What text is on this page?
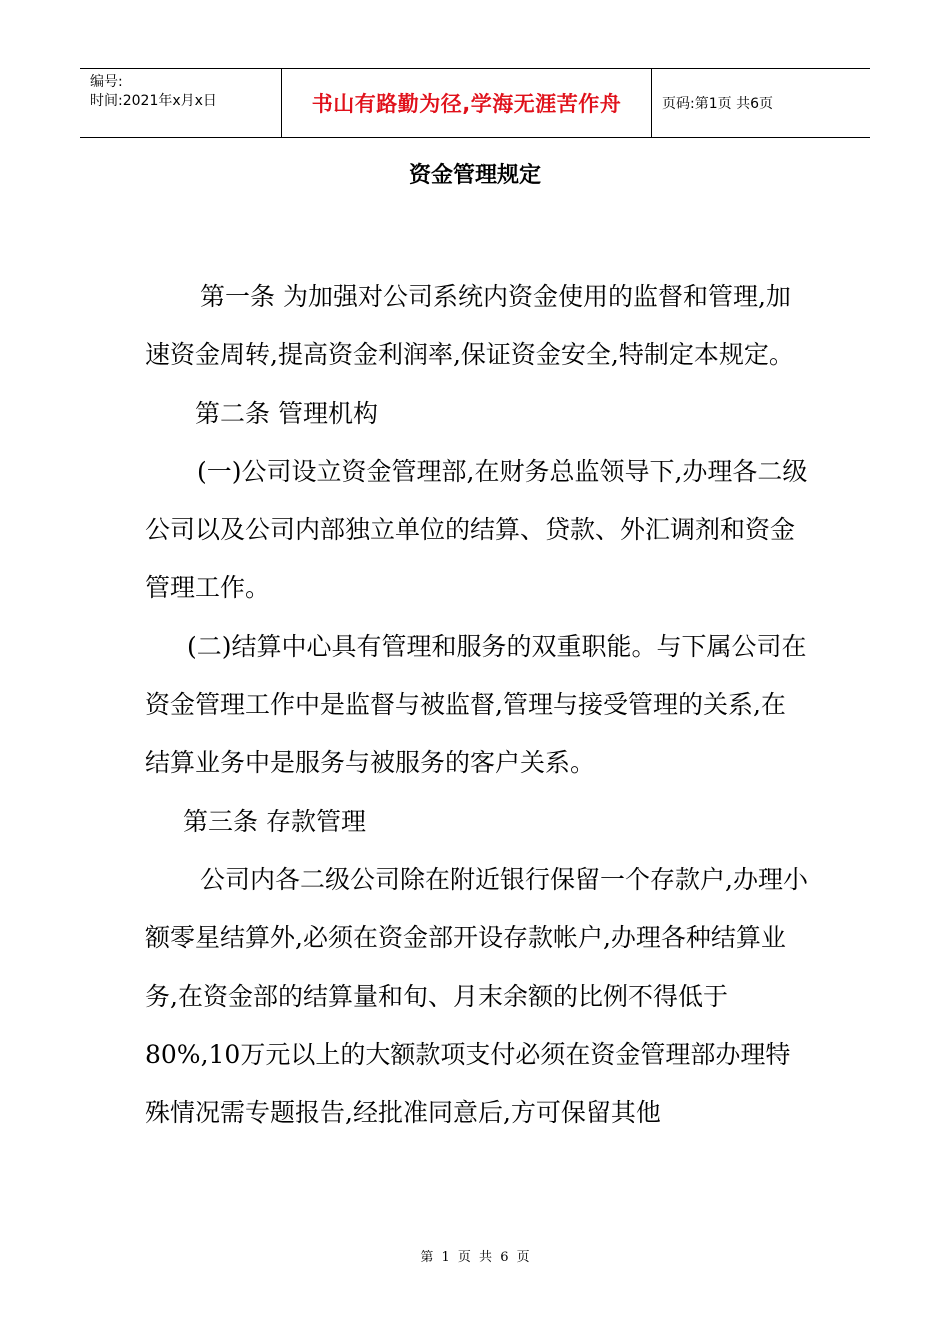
编号:
时间:2021年x月x日	书山有路勤为径,学海无涯苦作舟	页码:第1页 共6页
资金管理规定

第一条 为加强对公司系统内资金使用的监督和管理,加速资金周转,提高资金利润率,保证资金安全,特制定本规定。

第二条 管理机构

(一)公司设立资金管理部,在财务总监领导下,办理各二级公司以及公司内部独立单位的结算、贷款、外汇调剂和资金管理工作。

(二)结算中心具有管理和服务的双重职能。与下属公司在资金管理工作中是监督与被监督,管理与接受管理的关系,在结算业务中是服务与被服务的客户关系。

第三条 存款管理

公司内各二级公司除在附近银行保留一个存款户,办理小额零星结算外,必须在资金部开设存款帐户,办理各种结算业务,在资金部的结算量和旬、月末余额的比例不得低于80%,10万元以上的大额款项支付必须在资金管理部办理特殊情况需专题报告,经批准同意后,方可保留其他

第 1 页 共 6 页
